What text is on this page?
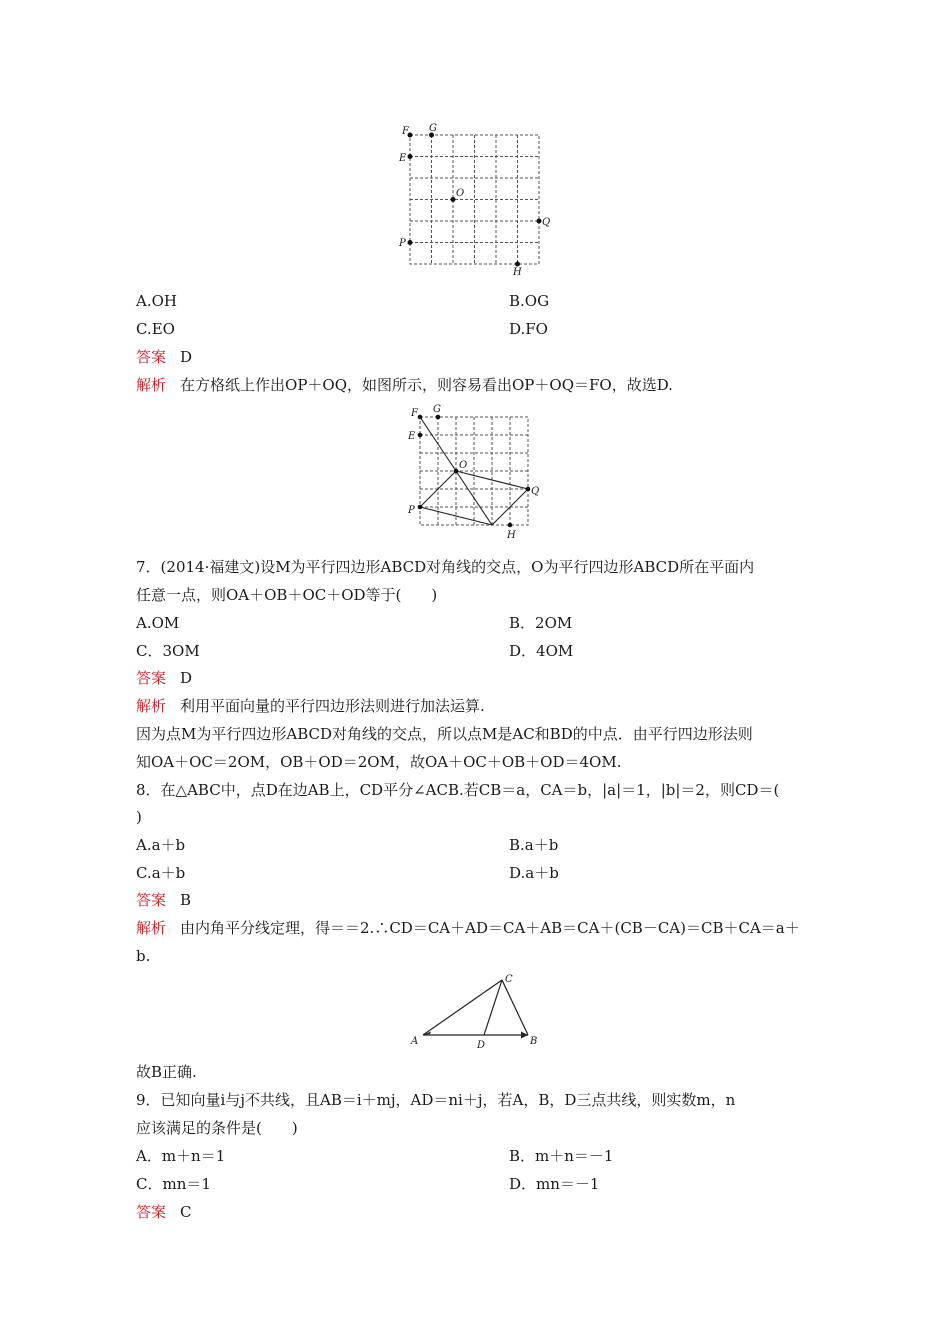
F G
E
O
Q
P
H
A.OH	B.OG
C.EO	D.FO
答案 D
解析 在方格纸上作出OP＋OQ，如图所示，则容易看出OP＋OQ＝FO，故选D.
F G
E
O
Q
P
H
7．(2014·福建文)设M为平行四边形ABCD对角线的交点，O为平行四边形ABCD所在平面内
任意一点，则OA＋OB＋OC＋OD等于(　　)
A.OM	B．2OM
C．3OM	D．4OM
答案 D
解析 利用平面向量的平行四边形法则进行加法运算.
因为点M为平行四边形ABCD对角线的交点，所以点M是AC和BD的中点．由平行四边形法则
知OA＋OC＝2OM，OB＋OD＝2OM，故OA＋OC＋OB＋OD＝4OM.
8．在△ABC中，点D在边AB上，CD平分∠ACB.若CB＝a，CA＝b，|a|＝1，|b|＝2，则CD＝(
)
A.a＋b	B.a＋b
C.a＋b	D.a＋b
答案 B
解析 由内角平分线定理，得＝＝2.∴CD＝CA＋AD＝CA＋AB＝CA＋(CB－CA)＝CB＋CA＝a＋
b.
A	B
C
D
故B正确.
9．已知向量i与j不共线，且AB＝i＋mj，AD＝ni＋j，若A，B，D三点共线，则实数m，n
应该满足的条件是(　　)
A．m＋n＝1	B．m＋n＝－1
C．mn＝1	D．mn＝－1
答案 C
